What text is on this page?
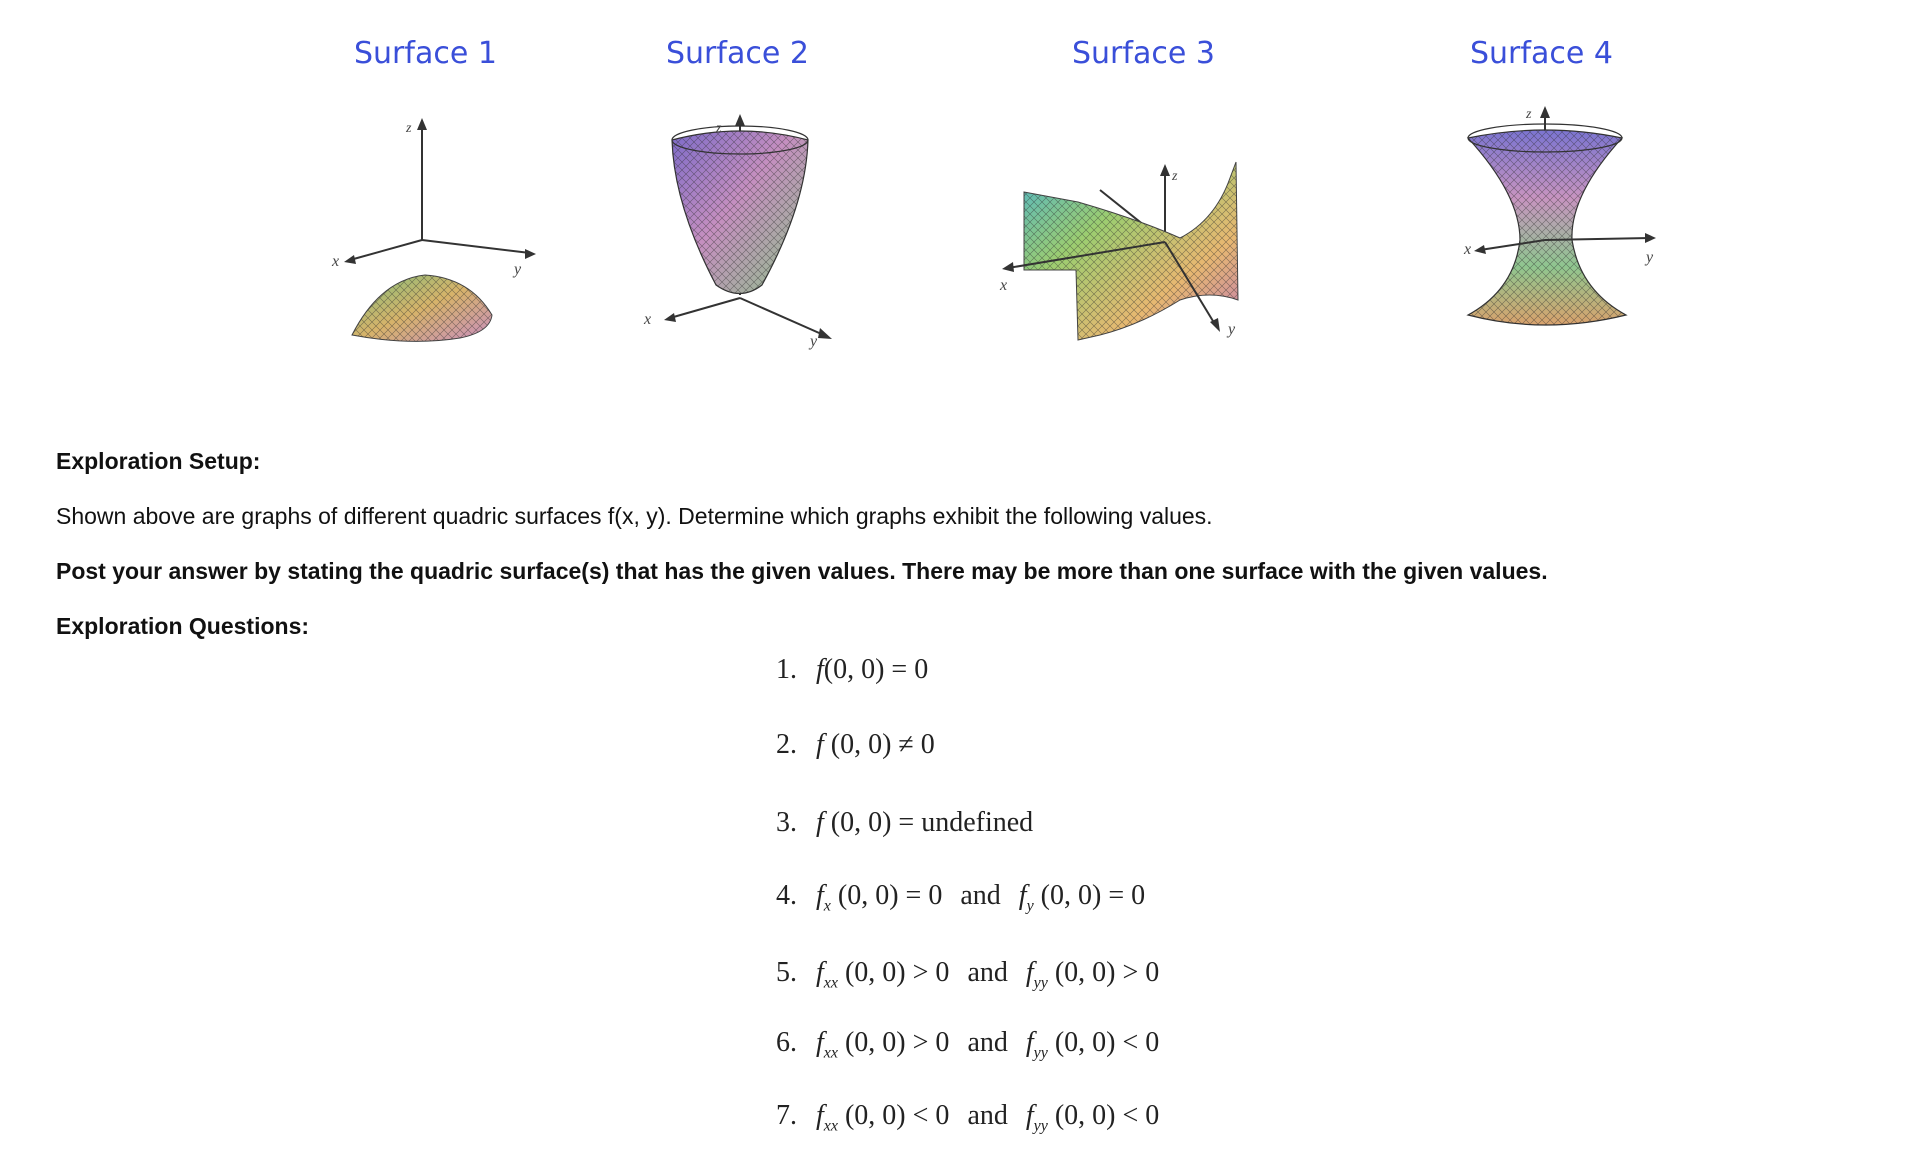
Surface 1	Surface 2	Surface 3	Surface 4
z
x	y
z
x
y
z
x
y
z
x	y
Exploration Setup:
Shown above are graphs of different quadric surfaces f(x, y). Determine which graphs exhibit the following values.
Post your answer by stating the quadric surface(s) that has the given values. There may be more than one surface with the given values.
Exploration Questions:
1. f(0, 0) = 0
2. f (0, 0) ≠ 0
3. f (0, 0) = undefined
4. $f_x$ (0, 0) = 0 and $f_y$ (0, 0) = 0
5. $f_{xx}$ (0, 0) > 0 and $f_{yy}$ (0, 0) > 0
6. $f_{xx}$ (0, 0) > 0 and $f_{yy}$ (0, 0) < 0
7. $f_{xx}$ (0, 0) < 0 and $f_{yy}$ (0, 0) < 0
